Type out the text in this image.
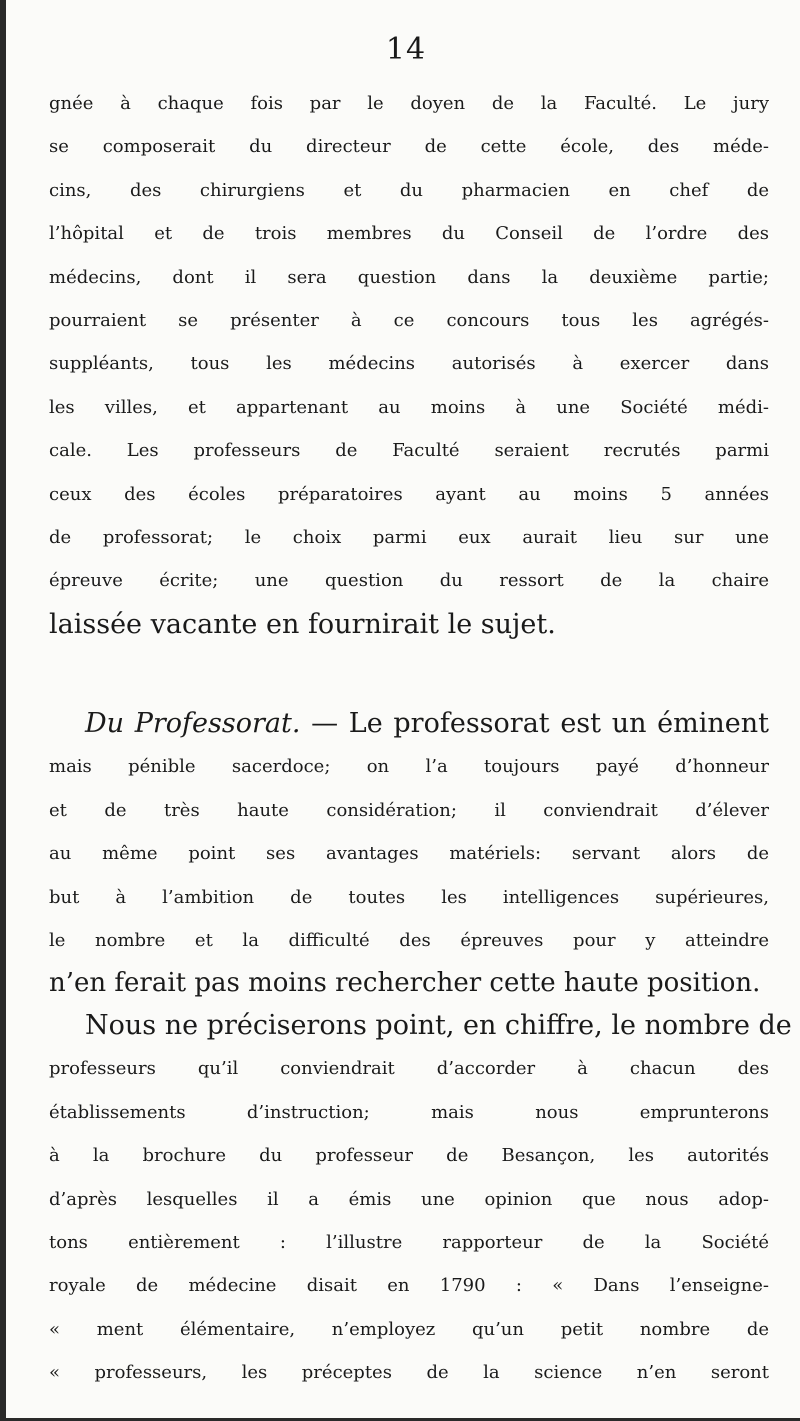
14
gnée à chaque fois par le doyen de la Faculté. Le jury
se composerait du directeur de cette école, des méde-
cins, des chirurgiens et du pharmacien en chef de
l’hôpital et de trois membres du Conseil de l’ordre des
médecins, dont il sera question dans la deuxième partie;
pourraient se présenter à ce concours tous les agrégés-
suppléants, tous les médecins autorisés à exercer dans
les villes, et appartenant au moins à une Société médi-
cale. Les professeurs de Faculté seraient recrutés parmi
ceux des écoles préparatoires ayant au moins 5 années
de professorat; le choix parmi eux aurait lieu sur une
épreuve écrite; une question du ressort de la chaire
laissée vacante en fournirait le sujet.
Du Professorat. — Le professorat est un éminent
mais pénible sacerdoce; on l’a toujours payé d’honneur
et de très haute considération; il conviendrait d’élever
au même point ses avantages matériels: servant alors de
but à l’ambition de toutes les intelligences supérieures,
le nombre et la difficulté des épreuves pour y atteindre
n’en ferait pas moins rechercher cette haute position.
Nous ne préciserons point, en chiffre, le nombre de
professeurs qu’il conviendrait d’accorder à chacun des
établissements d’instruction; mais nous emprunterons
à la brochure du professeur de Besançon, les autorités
d’après lesquelles il a émis une opinion que nous adop-
tons entièrement : l’illustre rapporteur de la Société
royale de médecine disait en 1790 : « Dans l’enseigne-
« ment élémentaire, n’employez qu’un petit nombre de
« professeurs, les préceptes de la science n’en seront
